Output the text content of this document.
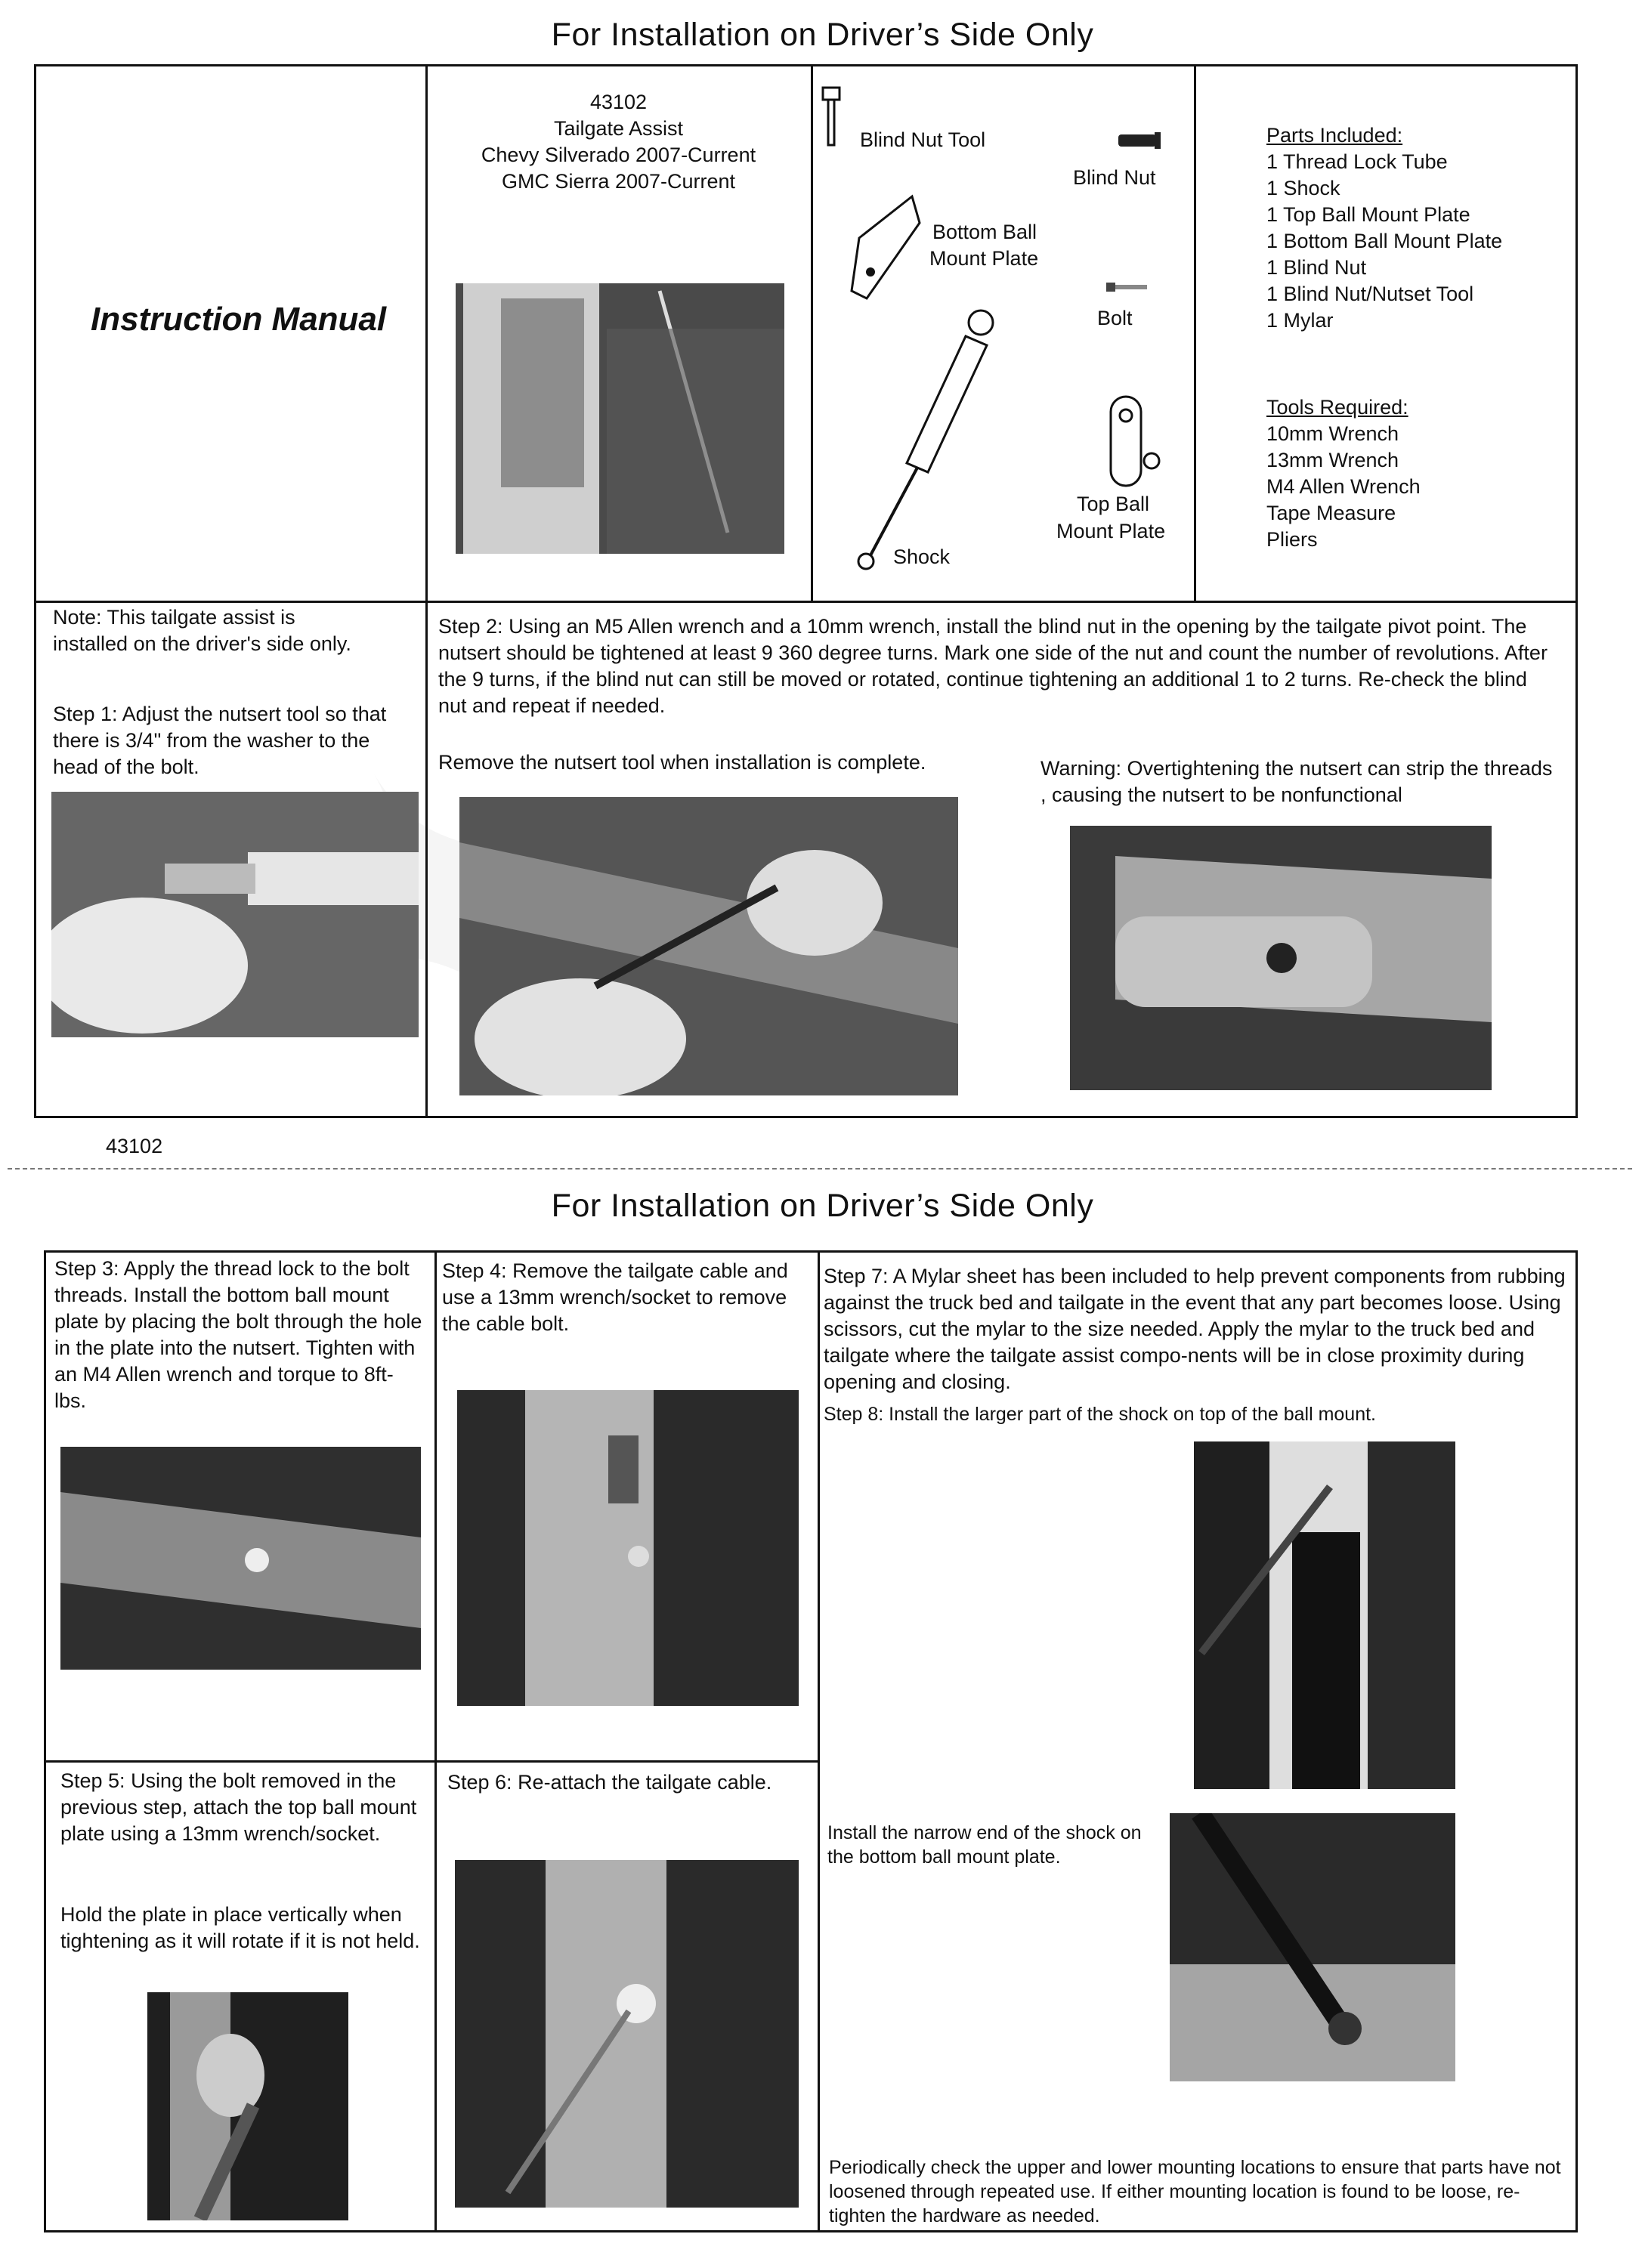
For Installation on Driver’s Side Only
Instruction Manual
43102
Tailgate Assist
Chevy Silverado 2007-Current
GMC Sierra 2007-Current
Blind Nut Tool
Blind Nut
Bottom Ball
Mount Plate
Bolt
Shock
Top Ball
Mount Plate
Parts Included:
1 Thread Lock Tube
1 Shock
1 Top Ball Mount Plate
1 Bottom Ball Mount Plate
1 Blind Nut
1 Blind Nut/Nutset Tool
1 Mylar
Tools Required:
10mm Wrench
13mm Wrench
M4 Allen Wrench
Tape Measure
Pliers
Note: This tailgate assist is installed on the driver's side only.
Step 1: Adjust the nutsert tool so that there is 3/4" from the washer to the head of the bolt.
Step 2: Using an M5 Allen wrench and a 10mm wrench, install the blind nut in the opening by the tailgate pivot point. The nutsert should be tightened at least 9 360 degree turns. Mark one side of the nut and count the number of revolutions. After the 9 turns, if the blind nut can still be moved or rotated, continue tightening an additional 1 to 2 turns. Re-check the blind nut and repeat if needed.
Remove the nutsert tool when installation is complete.	Warning: Overtightening the nutsert can strip the threads , causing the nutsert to be nonfunctional
43102
For Installation on Driver’s Side Only
Step 3: Apply the thread lock to the bolt threads. Install the bottom ball mount plate by placing the bolt through the hole in the plate into the nutsert. Tighten with an M4 Allen wrench and torque to 8ft-lbs.
Step 4: Remove the tailgate cable and use a 13mm wrench/socket to remove the cable bolt.
Step 5: Using the bolt removed in the previous step, attach the top ball mount plate using a 13mm wrench/socket.
Hold the plate in place vertically when tightening as it will rotate if it is not held.
Step 6: Re-attach the tailgate cable.
Step 7: A Mylar sheet has been included to help prevent components from rubbing against the truck bed and tailgate in the event that any part becomes loose. Using scissors, cut the mylar to the size needed. Apply the mylar to the truck bed and tailgate where the tailgate assist compo-nents will be in close proximity during opening and closing.
Step 8: Install the larger part of the shock on top of the ball mount.
Install the narrow end of the shock on the bottom ball mount plate.
Periodically check the upper and lower mounting locations to ensure that parts have not loosened through repeated use. If either mounting location is found to be loose, re-tighten the hardware as needed.
